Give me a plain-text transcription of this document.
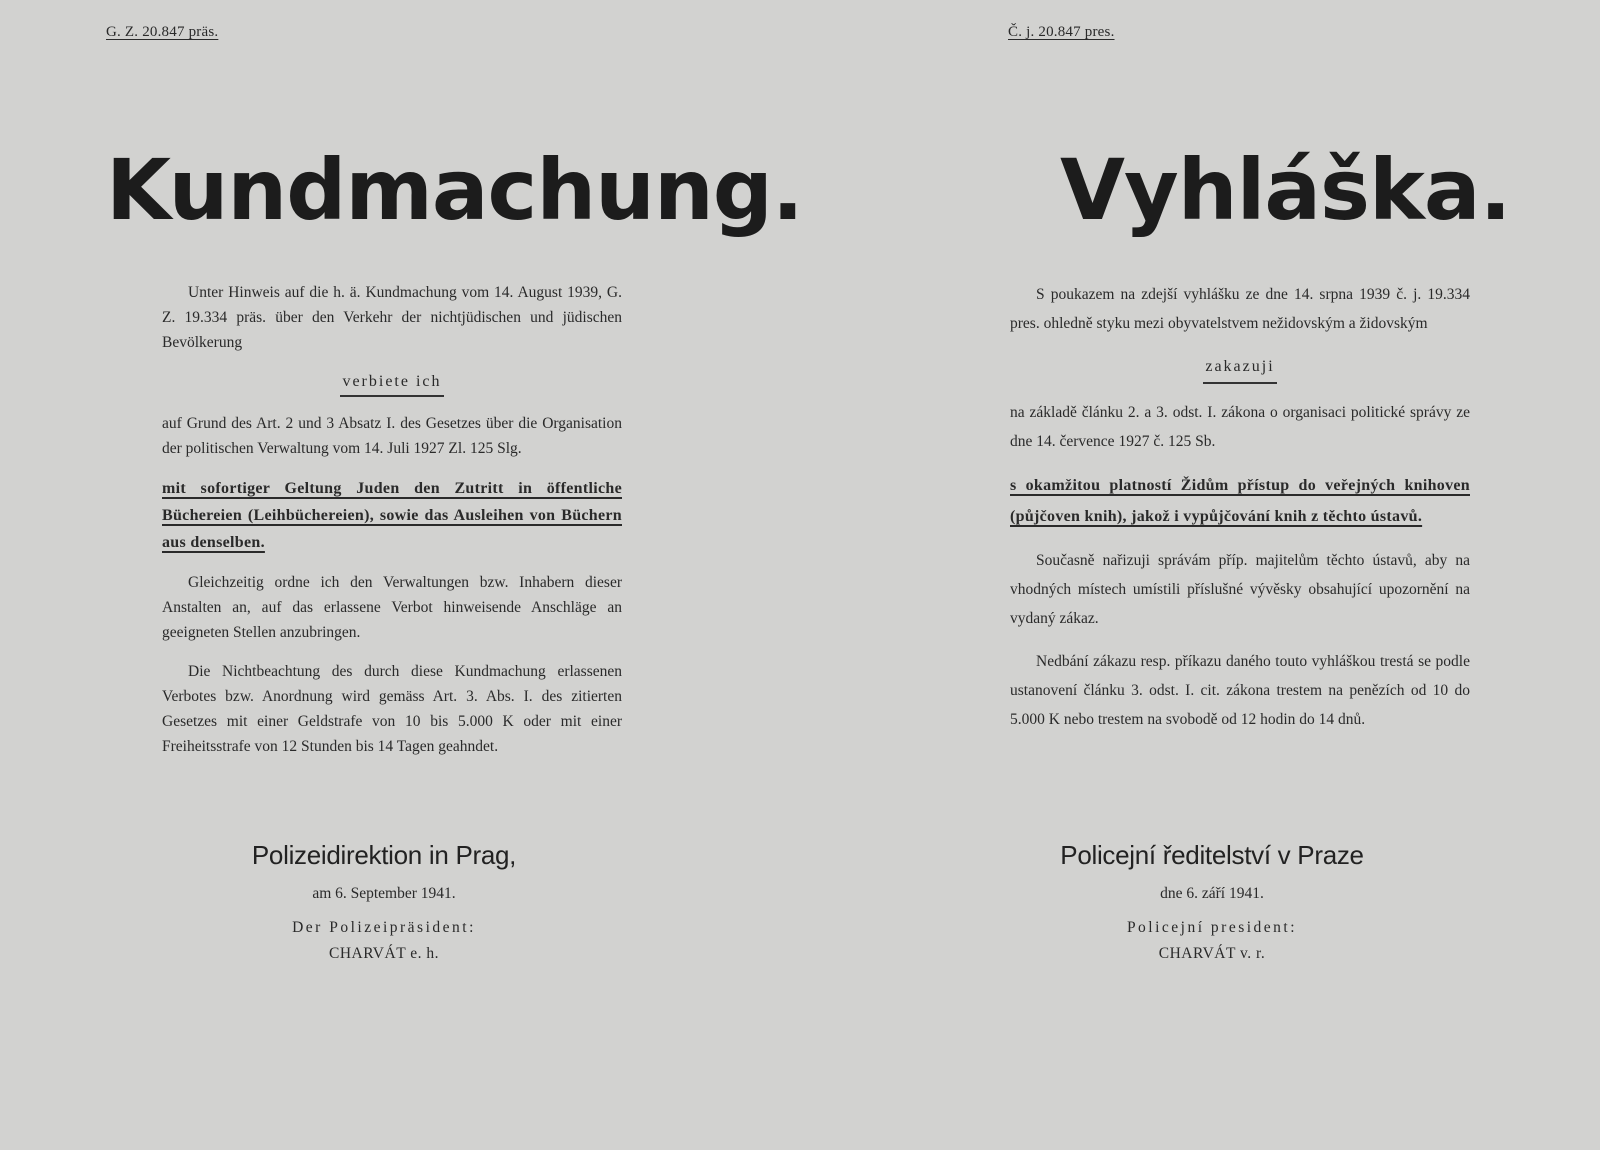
G. Z. 20.847 präs.
Kundmachung.

Unter Hinweis auf die h. ä. Kundmachung vom 14. August 1939, G. Z. 19.334 präs. über den Verkehr der nichtjüdischen und jüdischen Bevölkerung

verbiete ich

auf Grund des Art. 2 und 3 Absatz I. des Gesetzes über die Organisation der politischen Verwaltung vom 14. Juli 1927 Zl. 125 Slg.

mit sofortiger Geltung Juden den Zutritt in öffentliche Büchereien (Leihbüchereien), sowie das Ausleihen von Büchern aus denselben.

Gleichzeitig ordne ich den Verwaltungen bzw. Inhabern dieser Anstalten an, auf das erlassene Verbot hinweisende Anschläge an geeigneten Stellen anzubringen.

Die Nichtbeachtung des durch diese Kundmachung erlassenen Verbotes bzw. Anordnung wird gemäss Art. 3. Abs. I. des zitierten Gesetzes mit einer Geldstrafe von 10 bis 5.000 K oder mit einer Freiheitsstrafe von 12 Stunden bis 14 Tagen geahndet.

Polizeidirektion in Prag,
am 6. September 1941.
Der Polizeipräsident:
CHARVÁT e. h.
Č. j. 20.847 pres.
Vyhláška.

S poukazem na zdejší vyhlášku ze dne 14. srpna 1939 č. j. 19.334 pres. ohledně styku mezi obyvatelstvem nežidovským a židovským

zakazuji

na základě článku 2. a 3. odst. I. zákona o organisaci politické správy ze dne 14. července 1927 č. 125 Sb.

s okamžitou platností Židům přístup do veřejných knihoven (půjčoven knih), jakož i vypůjčování knih z těchto ústavů.

Současně nařizuji správám příp. majitelům těchto ústavů, aby na vhodných místech umístili příslušné vývěsky obsahující upozornění na vydaný zákaz.

Nedbání zákazu resp. příkazu daného touto vyhláškou trestá se podle ustanovení článku 3. odst. I. cit. zákona trestem na penězích od 10 do 5.000 K nebo trestem na svobodě od 12 hodin do 14 dnů.

Policejní ředitelství v Praze
dne 6. září 1941.
Policejní president:
CHARVÁT v. r.
